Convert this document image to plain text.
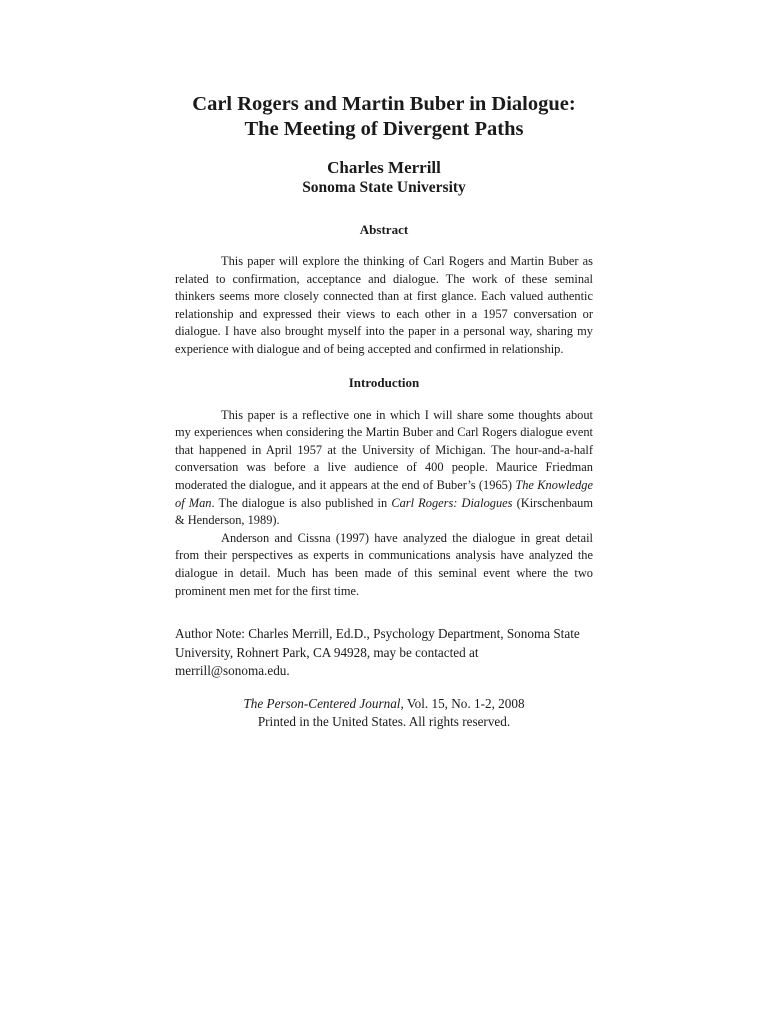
Carl Rogers and Martin Buber in Dialogue:
The Meeting of Divergent Paths

Charles Merrill

Sonoma State University

Abstract

This paper will explore the thinking of Carl Rogers and Martin Buber as related to confirmation, acceptance and dialogue. The work of these seminal thinkers seems more closely connected than at first glance. Each valued authentic relationship and expressed their views to each other in a 1957 conversation or dialogue. I have also brought myself into the paper in a personal way, sharing my experience with dialogue and of being accepted and confirmed in relationship.

Introduction

This paper is a reflective one in which I will share some thoughts about my experiences when considering the Martin Buber and Carl Rogers dialogue event that happened in April 1957 at the University of Michigan. The hour-and-a-half conversation was before a live audience of 400 people. Maurice Friedman moderated the dialogue, and it appears at the end of Buber’s (1965) The Knowledge of Man. The dialogue is also published in Carl Rogers: Dialogues (Kirschenbaum & Henderson, 1989).

Anderson and Cissna (1997) have analyzed the dialogue in great detail from their perspectives as experts in communications analysis have analyzed the dialogue in detail. Much has been made of this seminal event where the two prominent men met for the first time.

Author Note: Charles Merrill, Ed.D., Psychology Department, Sonoma State University, Rohnert Park, CA 94928, may be contacted at merrill@sonoma.edu.

The Person-Centered Journal, Vol. 15, No. 1-2, 2008
Printed in the United States. All rights reserved.
